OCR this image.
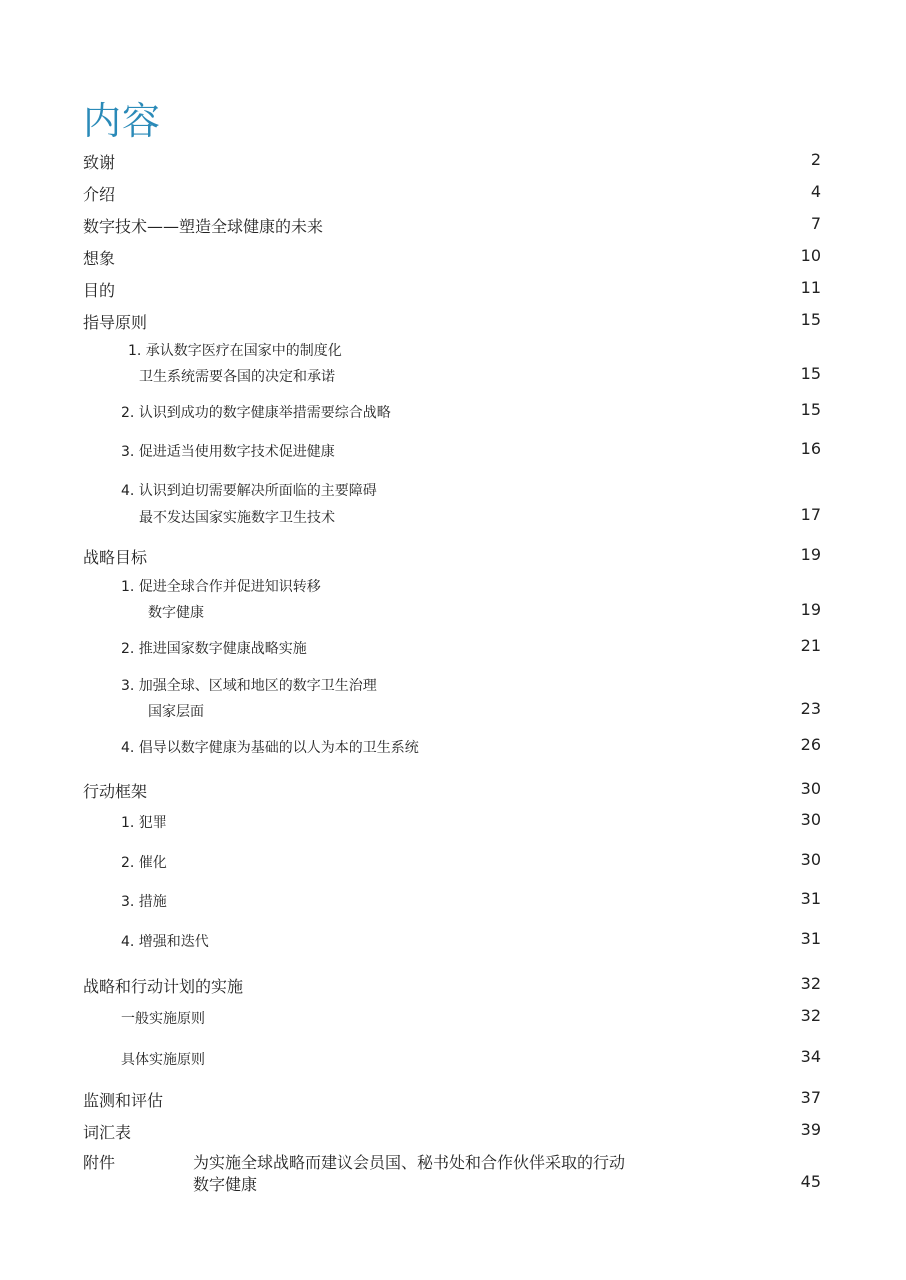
内容
致谢	2
介绍	4
数字技术——塑造全球健康的未来	7
想象	10
目的	11
指导原则	15
1. 承认数字医疗在国家中的制度化
卫生系统需要各国的决定和承诺	15
2. 认识到成功的数字健康举措需要综合战略	15
3. 促进适当使用数字技术促进健康	16
4. 认识到迫切需要解决所面临的主要障碍
最不发达国家实施数字卫生技术	17
战略目标	19
1. 促进全球合作并促进知识转移
数字健康	19
2. 推进国家数字健康战略实施	21
3. 加强全球、区域和地区的数字卫生治理
国家层面	23
4. 倡导以数字健康为基础的以人为本的卫生系统	26
行动框架	30
1. 犯罪	30
2. 催化	30
3. 措施	31
4. 增强和迭代	31
战略和行动计划的实施	32
一般实施原则	32
具体实施原则	34
监测和评估	37
词汇表	39
附件	为实施全球战略而建议会员国、秘书处和合作伙伴采取的行动
数字健康	45
